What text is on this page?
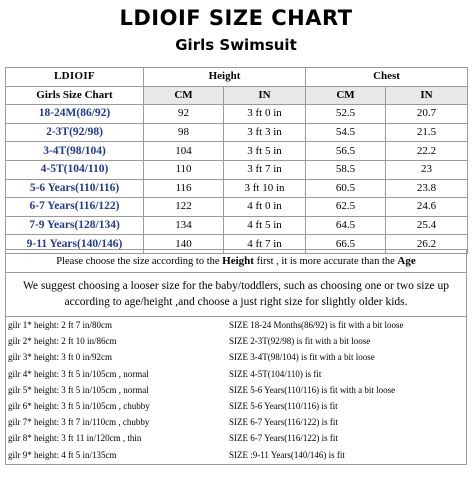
LDIOIF SIZE CHART
Girls Swimsuit
LDIOIF	Height		Chest	
Girls Size Chart	CM	IN	CM	IN
18-24M(86/92)	92	3 ft 0 in	52.5	20.7
2-3T(92/98)	98	3 ft 3 in	54.5	21.5
3-4T(98/104)	104	3 ft 5 in	56.5	22.2
4-5T(104/110)	110	3 ft 7 in	58.5	23
5-6 Years(110/116)	116	3 ft 10 in	60.5	23.8
6-7 Years(116/122)	122	4 ft 0 in	62.5	24.6
7-9 Years(128/134)	134	4 ft 5 in	64.5	25.4
9-11 Years(140/146)	140	4 ft 7 in	66.5	26.2
Please choose the size according to the Height first , it is more accurate than the Age
We suggest choosing a looser size for the baby/toddlers, such as choosing one or two size up according to age/height ,and choose a just right size for slightly older kids.
gilr 1* height: 2 ft 7 in/80cm	SIZE 18-24 Months(86/92) is fit with a bit loose
gilr 2* height: 2 ft 10 in/86cm	SIZE 2-3T(92/98) is fit with a bit loose
gilr 3* height: 3 ft 0 in/92cm	SIZE 3-4T(98/104) is fit with a bit loose
gilr 4* height: 3 ft 5 in/105cm , normal	SIZE 4-5T(104/110) is fit
gilr 5* height: 3 ft 5 in/105cm , normal	SIZE 5-6 Years(110/116) is fit with a bit loose
gilr 6* height: 3 ft 5 in/105cm , chubby	SIZE 5-6 Years(110/116) is fit
gilr 7* height: 3 ft 7 in/110cm , chubby	SIZE 6-7 Years(116/122) is fit
gilr 8* height: 3 ft 11 in/120cm , thin	SIZE 6-7 Years(116/122) is fit
gilr 9* height: 4 ft 5 in/135cm	SIZE :9-11 Years(140/146) is fit
